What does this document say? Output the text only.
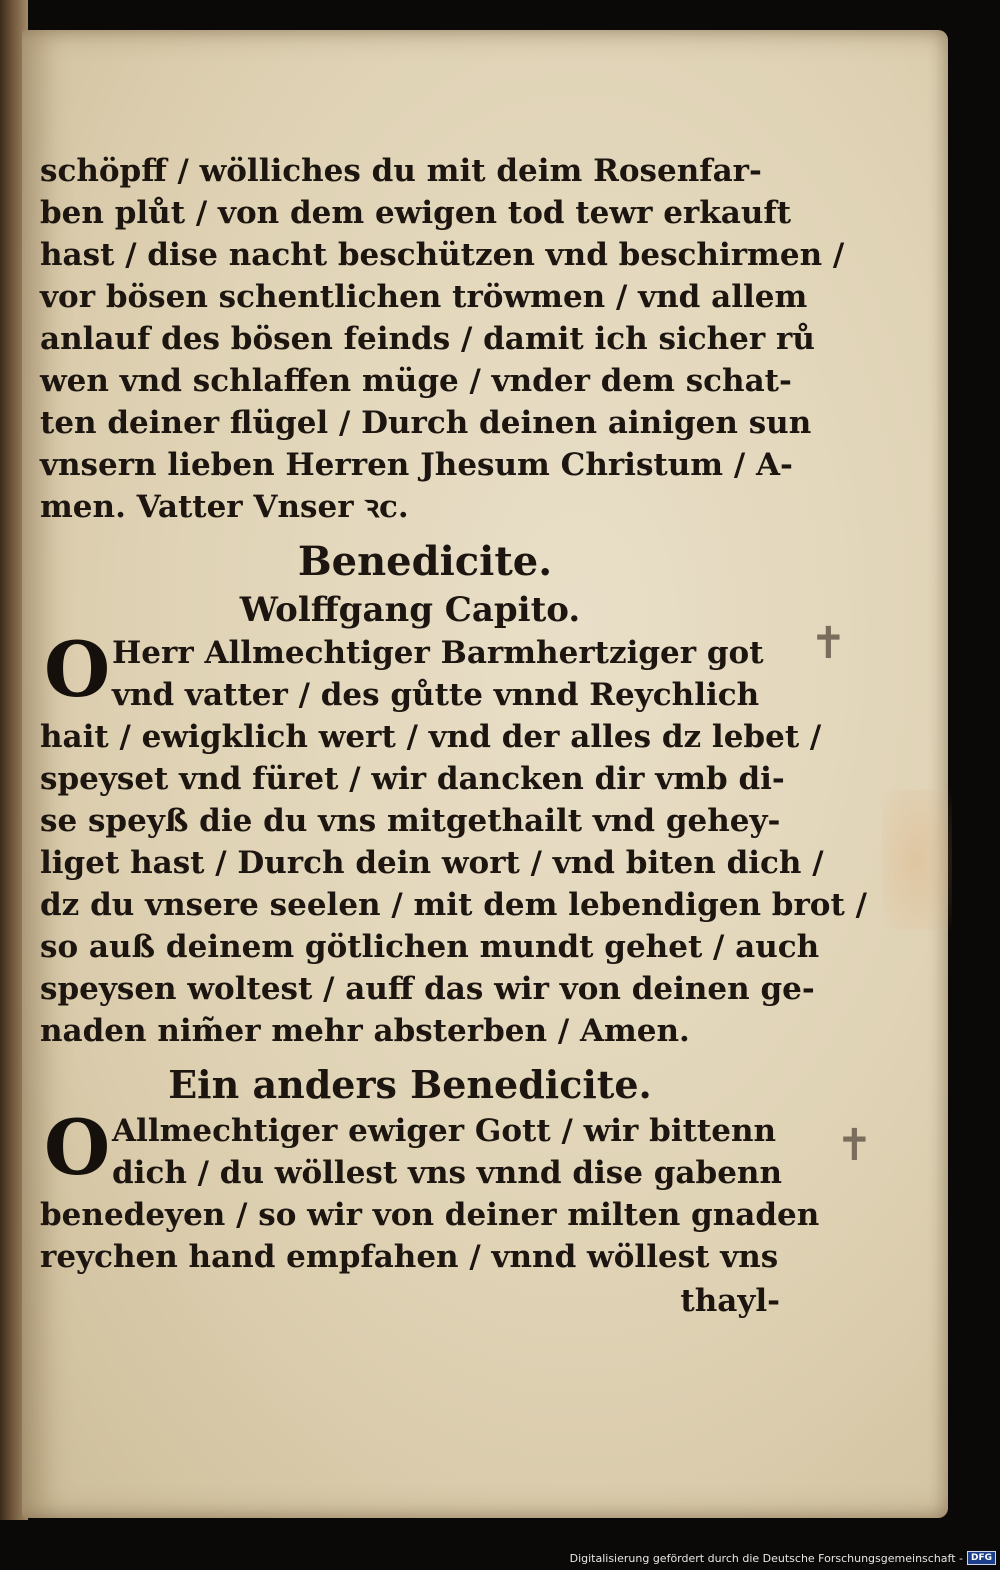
✝
✝
schöpff / wölliches du mit deim Rosenfar-
ben plůt / von dem ewigen tod tewr erkauft
hast / dise nacht beschützen vnd beschirmen /
vor bösen schentlichen tröwmen / vnd allem
anlauf des bösen feinds / damit ich sicher rů
wen vnd schlaffen müge / vnder dem schat-
ten deiner flügel / Durch deinen ainigen sun
vnsern lieben Herren Jhesum Christum / A-
men. Vatter Vnser ꝛc.
Benedicite.
Wolffgang Capito.
O Herr Allmechtiger Barmhertziger got
vnd vatter / des gůtte vnnd Reychlich
hait / ewigklich wert / vnd der alles dz lebet /
speyset vnd füret / wir dancken dir vmb di-
se speyß die du vns mitgethailt vnd gehey-
liget hast / Durch dein wort / vnd biten dich /
dz du vnsere seelen / mit dem lebendigen brot /
so auß deinem götlichen mundt gehet / auch
speysen woltest / auff das wir von deinen ge-
naden nim̃er mehr absterben / Amen.
Ein anders Benedicite.
O Allmechtiger ewiger Gott / wir bittenn
dich / du wöllest vns vnnd dise gabenn
benedeyen / so wir von deiner milten gnaden
reychen hand empfahen / vnnd wöllest vns
thayl-
Digitalisierung gefördert durch die Deutsche Forschungsgemeinschaft - DFG
